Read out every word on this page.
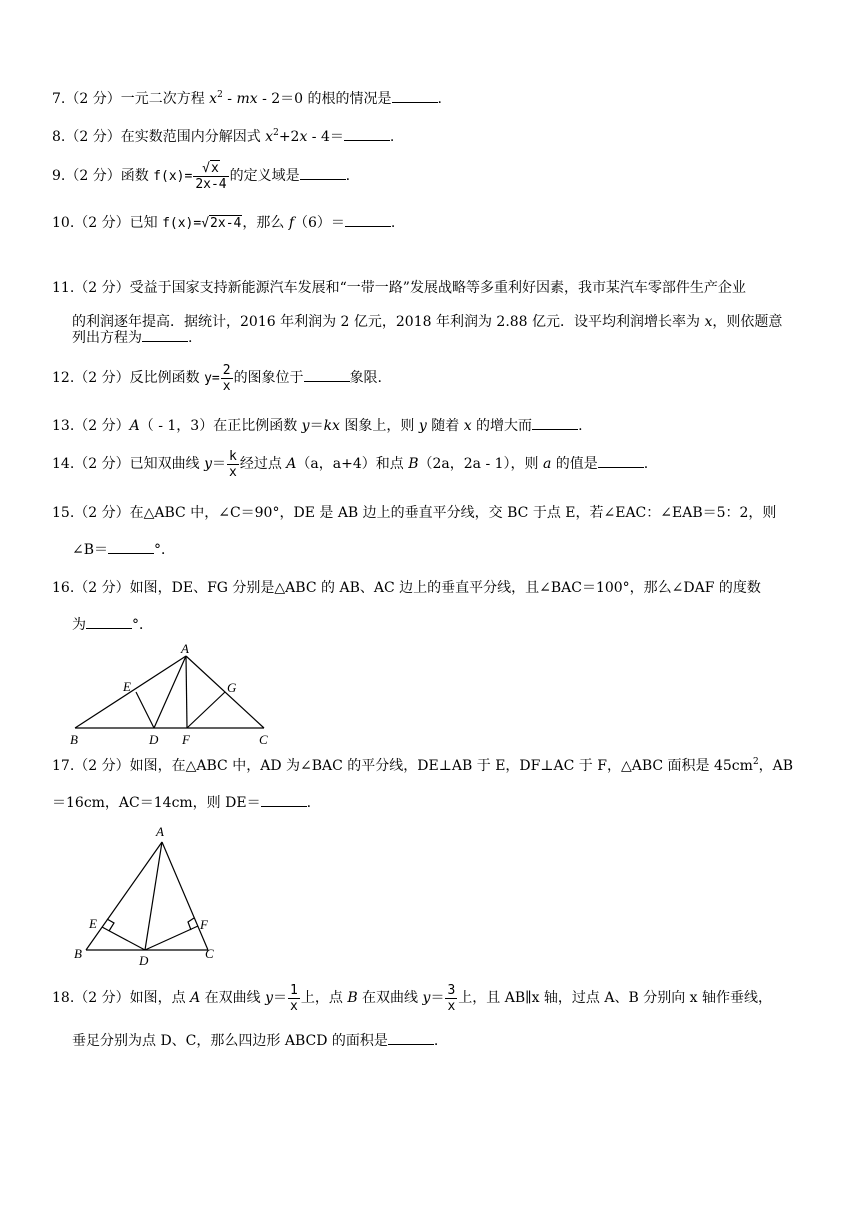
7.（2 分）一元二次方程 $x^2$ - mx - 2＝0 的根的情况是	.
8.（2 分）在实数范围内分解因式 $x^2+2x - 4=$	.
9.（2 分）函数 $f(x)= \frac{√x}{2x-4}$ 的定义域是	.
10.（2 分）已知 f(x)=√2x-4，那么 f（6）＝	.
11.（2 分）受益于国家支持新能源汽车发展和“一带一路”发展战略等多重利好因素，我市某汽车零部件生产企业
的利润逐年提高．据统计，2016 年利润为 2 亿元，2018 年利润为 2.88 亿元．设平均利润增长率为 x，则依题意
列出方程为	.
12.（2 分）反比例函数 $y= \frac{2}{x}$ 的图象位于	象限.
13.（2 分）A（ - 1，3）在正比例函数 y＝kx 图象上，则 y 随着 x 的增大而	.
14.（2 分）已知双曲线 $y= \frac{k}{x}$ 经过点 A（a，a+4）和点 B（2a，2a - 1），则 a 的值是	.
15.（2 分）在△ABC 中，∠C＝90°，DE 是 AB 边上的垂直平分线，交 BC 于点 E，若∠EAC：∠EAB＝5：2，则
∠B＝	°．
16.（2 分）如图，DE、FG 分别是△ABC 的 AB、AC 边上的垂直平分线，且∠BAC＝100°，那么∠DAF 的度数
为	°．
A
B	C
D
E
F
G
17.（2 分）如图，在△ABC 中，AD 为∠BAC 的平分线，DE⊥AB 于 E，DF⊥AC 于 F，△ABC 面积是 $45cm^2$，AB
＝16cm，AC＝14cm，则 DE＝	.
A
B	C
D
E	F
18.（2 分）如图，点 A 在双曲线 $y= \frac{1}{x}$ 上，点 B 在双曲线 $y= \frac{3}{x}$ 上，且 AB∥x 轴，过点 A、B 分别向 x 轴作垂线，
垂足分别为点 D、C，那么四边形 ABCD 的面积是	.
